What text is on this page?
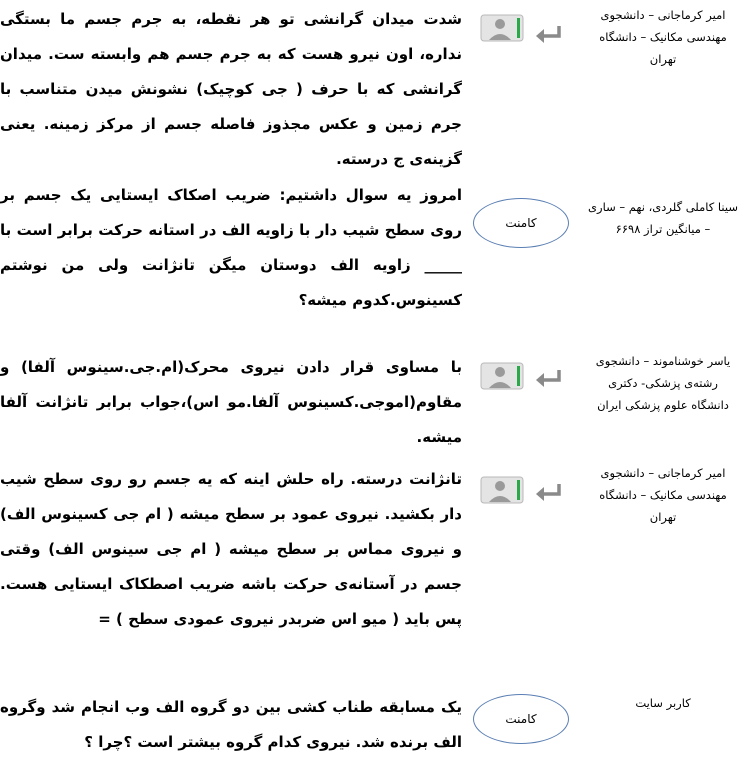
شدت میدان گرانشی تو هر نقطه، به جرم جسم ما بستگی نداره، اون نیرو هست که به جرم جسم هم وابسته ست. میدان گرانشی که با حرف ( جی کوچیک) نشونش میدن متناسب با جرم زمین و عکس مجذوز فاصله جسم از مرکز زمینه. یعنی گزینه‌ی ج درسته.
امیر کرماجانی – دانشجوی مهندسی مکانیک – دانشگاه تهران
امروز یه سوال داشتیم: ضریب اصکاک ایستایی یک جسم بر روی سطح شیب دار با زاویه الف در استانه حرکت برابر است با _____ زاویه الف دوستان میگن تانژانت ولی من نوشتم کسینوس.کدوم میشه؟
کامنت
سینا کاملی گلردی، نهم – ساری – میانگین تراز ۶۶۹۸
با مساوی قرار دادن نیروی محرک(ام.جی.سینوس آلفا) و مقاوم(اموجی.کسینوس آلفا.مو اس)،جواب برابر تانژانت آلفا میشه.
یاسر خوشناموند – دانشجوی رشته‌ی پزشکی- دکتری دانشگاه علوم پزشکی ایران
تانژانت درسته. راه حلش اینه که یه جسم رو روی سطح شیب دار بکشید. نیروی عمود بر سطح میشه ( ام جی کسینوس الف) و نیروی مماس بر سطح میشه ( ام جی سینوس الف) وقتی جسم در آستانه‌ی حرکت باشه ضریب اصطکاک ایستایی هست. پس باید ( میو اس ضربدر نیروی عمودی سطح ) =
امیر کرماجانی – دانشجوی مهندسی مکانیک – دانشگاه تهران
یک مسابقه طناب کشی بین دو گروه الف وب انجام شد وگروه الف برنده شد. نیروی کدام گروه بیشتر است ؟چرا ؟
کامنت
کاربر سایت
